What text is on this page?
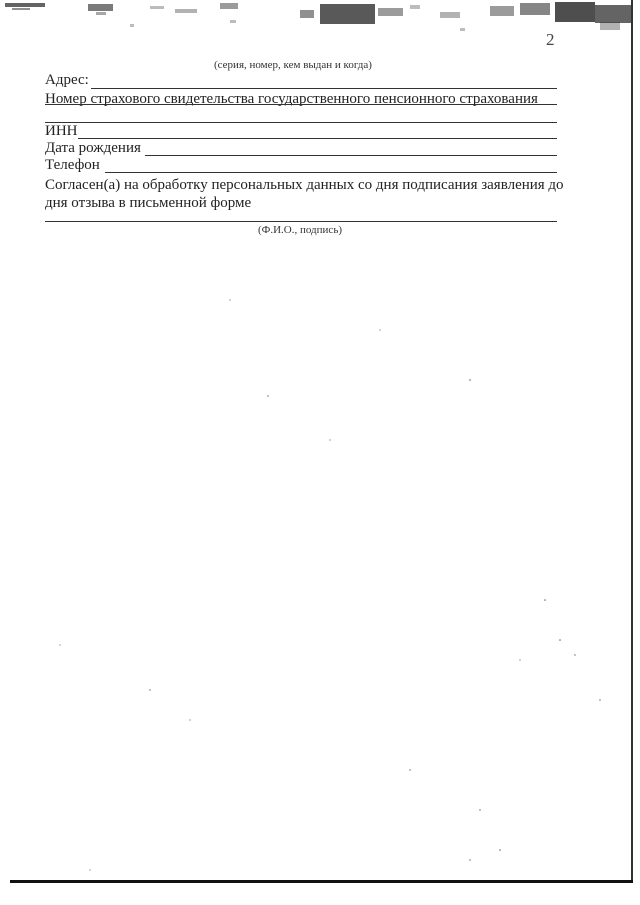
2
(серия, номер, кем выдан и когда)
Адрес:
Номер страхового свидетельства государственного пенсионного страхования
ИНН
Дата рождения
Телефон
Согласен(а) на обработку персональных данных со дня подписания заявления до
дня отзыва в письменной форме
(Ф.И.О., подпись)
